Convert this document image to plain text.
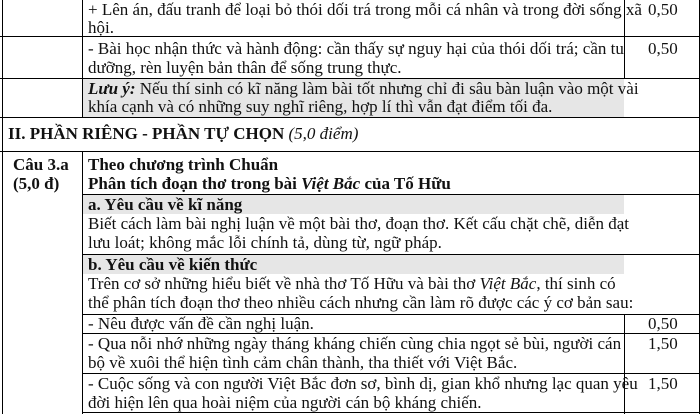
+ Lên án, đấu tranh để loại bỏ thói dối trá trong mỗi cá nhân và trong đời sống xã
hội.
0,50
- Bài học nhận thức và hành động: cần thấy sự nguy hại của thói dối trá; cần tu
dưỡng, rèn luyện bản thân để sống trung thực.
0,50
Lưu ý: Nếu thí sinh có kĩ năng làm bài tốt nhưng chỉ đi sâu bàn luận vào một vài
khía cạnh và có những suy nghĩ riêng, hợp lí thì vẫn đạt điểm tối đa.
II. PHẦN RIÊNG - PHẦN TỰ CHỌN (5,0 điểm)
Câu 3.a
(5,0 đ)
Theo chương trình Chuẩn
Phân tích đoạn thơ trong bài Việt Bắc của Tố Hữu
a. Yêu cầu về kĩ năng
Biết cách làm bài nghị luận về một bài thơ, đoạn thơ. Kết cấu chặt chẽ, diễn đạt
lưu loát; không mắc lỗi chính tả, dùng từ, ngữ pháp.
b. Yêu cầu về kiến thức
Trên cơ sở những hiểu biết về nhà thơ Tố Hữu và bài thơ Việt Bắc, thí sinh có
thể phân tích đoạn thơ theo nhiều cách nhưng cần làm rõ được các ý cơ bản sau:
- Nêu được vấn đề cần nghị luận.	0,50
- Qua nỗi nhớ những ngày tháng kháng chiến cùng chia ngọt sẻ bùi, người cán
bộ về xuôi thể hiện tình cảm chân thành, tha thiết với Việt Bắc.
1,50
- Cuộc sống và con người Việt Bắc đơn sơ, bình dị, gian khổ nhưng lạc quan yêu
đời hiện lên qua hoài niệm của người cán bộ kháng chiến.
1,50
